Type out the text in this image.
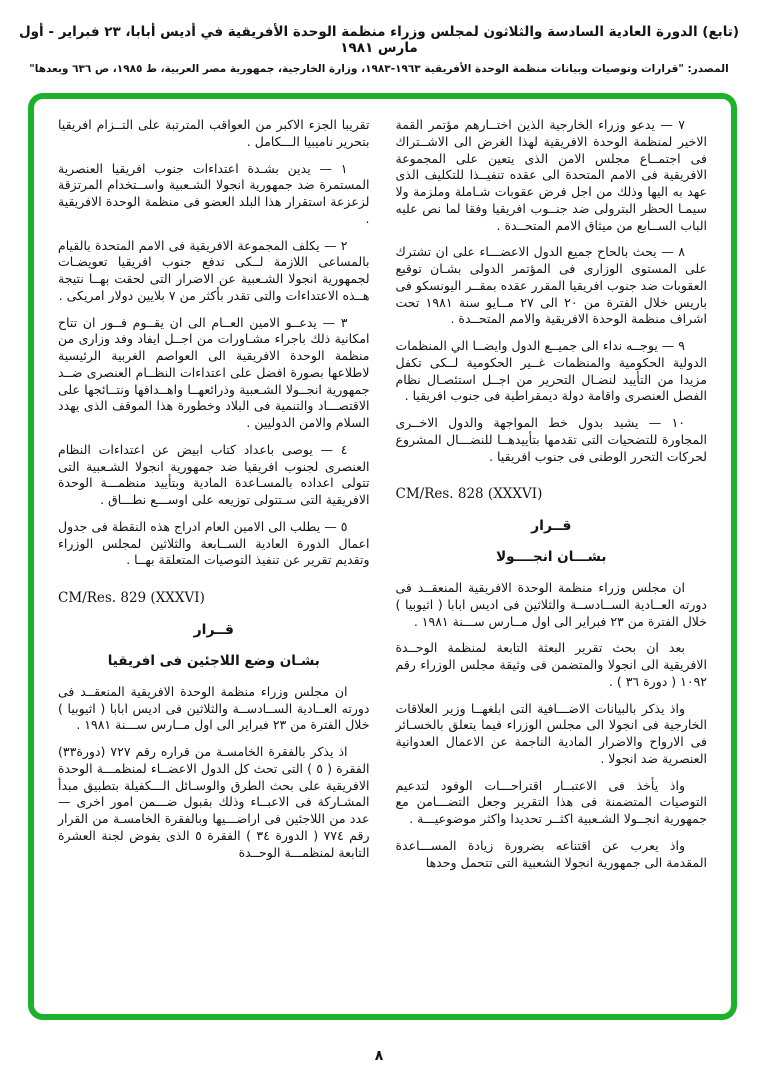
(تابع) الدورة العادية السادسة والثلاثون لمجلس وزراء منظمة الوحدة الأفريقية في أديس أبابا، ٢٣ فبراير - أول مارس ١٩٨١
المصدر: "قرارات وتوصيات وبيانات منظمة الوحدة الأفريقية ١٩٦٣-١٩٨٣، وزارة الخارجية، جمهورية مصر العربية، ط ١٩٨٥، ص ٦٣٦ وبعدها"
٧ — يدعو وزراء الخارجية الذين اختــارهم مؤتمر القمة الاخير لمنظمة الوحدة الافريقية لهذا الغرض الى الاشــتراك فى اجتمــاع مجلس الامن الذى يتعين على المجموعة الافريقية فى الامم المتحدة الى عقده تنفيــذا للتكليف الذى عهد به اليها وذلك من اجل فرض عقوبات شـاملة وملزمة ولا سيمـا الحظر البترولى ضد جنــوب افريقيا وفقا لما نص عليه الباب الســابع من ميثاق الامم المتحــدة .
٨ — يحث بالحاح جميع الدول الاعضـــاء على ان تشترك على المستوى الوزارى فى المؤتمر الدولى بشـان توقيع العقوبات ضد جنوب افريقيا المقرر عقده بمقــر اليونسكو فى باريس خلال الفترة من ٢٠ الى ٢٧ مــايو سنة ١٩٨١ تحت اشراف منظمة الوحدة الافريقية والامم المتحــدة .
٩ — يوجــه نداء الى جميــع الدول وايضــا الي المنظمات الدولية الحكومية والمنظمات غــير الحكومية لــكى تكفل مزيدا من التأييد لنضـال التحرير من اجــل استئصـال نظام الفصل العنصرى واقامة دولة ديمقراطية فى جنوب افريقيا .
١٠ — يشيد بدول خط المواجهة والدول الاخــرى المجاورة للتضحيات التى تقدمها بتأييدهــا للنضـــال المشروع لحركات التحرر الوطنى فى جنوب افريقيا .
CM/Res. 828 (XXXVI)
قــرار
بشـــان انجــــولا
ان مجلس وزراء منظمة الوحدة الافريقية المنعقــد فى دورته العــادية الســادســة والثلاثين فى اديس ابابا ( اثيوبيا ) خلال الفترة من ٢٣ فبراير الى اول مــارس ســـنة ١٩٨١ .
بعد ان بحث تقرير البعثة التابعة لمنظمة الوحــدة الافريقية الى انجولا والمتضمن فى وثيقة مجلس الوزراء رقم ١٠٩٢ ( دورة ٣٦ ) .
واذ يذكر بالبيانات الاضـــافية التى ابلغهــا وزير العلاقات الخارجية فى انجولا الى مجلس الوزراء فيما يتعلق بالخسـائر فى الارواح والاضرار المادية الناجمة عن الاعمال العدوانية العنصرية ضد انجولا .
واذ يأخذ فى الاعتبــار اقتراحـــات الوفود لتدعيم التوصيات المتضمنة فى هذا التقرير وجعل التضـــامن مع جمهورية انجــولا الشـعبية اكثــر تحديدا واكثر موضوعيـــة .
واذ يعرب عن اقتناعه بضرورة زيادة المســـاعدة المقدمة الى جمهورية انجولا الشعبية التى تتحمل وحدها
تقريبا الجزء الاكبر من العواقب المترتبة على التــزام افريقيا بتحرير ناميبيا الـــكامل .
١ — يدين بشـدة اعتداءات جنوب افريقيا العنصرية المستمرة ضد جمهورية انجولا الشـعبية واســتخدام المرتزقة لزعزعة استقرار هذا البلد العضو فى منظمة الوحدة الافريقية .
٢ — يكلف المجموعة الافريقية فى الامم المتحدة بالقيام بالمساعى اللازمة لــكى تدفع جنوب افريقيا تعويضـات لجمهورية انجولا الشـعبية عن الاضرار التى لحقت بهــا نتيجة هــذه الاعتداءات والتى تقدر بأكثر من ٧ بلايين دولار امريكى .
٣ — يدعــو الامين العــام الى ان يقــوم فــور ان تتاح امكانية ذلك باجراء مشـاورات من اجــل ايفاد وفد وزارى من منظمة الوحدة الافريقية الى العواصم الغربية الرئيسية لاطلاعها بصورة افضل على اعتداءات النظــام العنصرى ضــد جمهورية انجــولا الشـعبية وذرائعهــا واهــدافها ونتــائجها على الاقتصـــاد والتنمية فى البلاد وخطورة هذا الموقف الذى يهدد السلام والامن الدوليين .
٤ — يوصى باعداد كتاب ابيض عن اعتداءات النظام العنصرى لجنوب افريقيا ضد جمهورية انجولا الشـعبية التى تتولى اعداده بالمسـاعدة المادية وبتأييد منظمـــة الوحدة الافريقية التى سـتتولى توزيعه على اوســـع نطـــاق .
٥ — يطلب الى الامين العام ادراج هذه النقطة فى جدول اعمال الدورة العادية الســابعة والثلاثين لمجلس الوزراء وتقديم تقرير عن تنفيذ التوصيات المتعلقة بهــا .
CM/Res. 829 (XXXVI)
قــرار
بشـان وضع اللاجئين فى افريقيا
ان مجلس وزراء منظمة الوحدة الافريقية المنعقــد فى دورته العــادية الســادســة والثلاثين فى اديس ابابا ( اثيوبيا ) خلال الفترة من ٢٣ فبراير الى اول مــارس ســـنة ١٩٨١ .
اذ يذكر بالفقرة الخامسـة من قراره رقم ٧٢٧ (دورة٣٣) الفقرة ( ٥ ) التى تحث كل الدول الاعضــاء لمنظمـــة الوحدة الافريقية على بحث الطرق والوسـائل الـــكفيلة بتطبيق مبدأ المشـاركة فى الاعبــاء وذلك بقبول ضـــمن امور اخرى — عدد من اللاجئين فى اراضـــيها وبالفقرة الخامسـة من القرار رقم ٧٧٤ ( الدورة ٣٤ ) الفقرة ٥ الذى يفوض لجنة العشرة التابعة لمنظمـــة الوحــدة
٨
